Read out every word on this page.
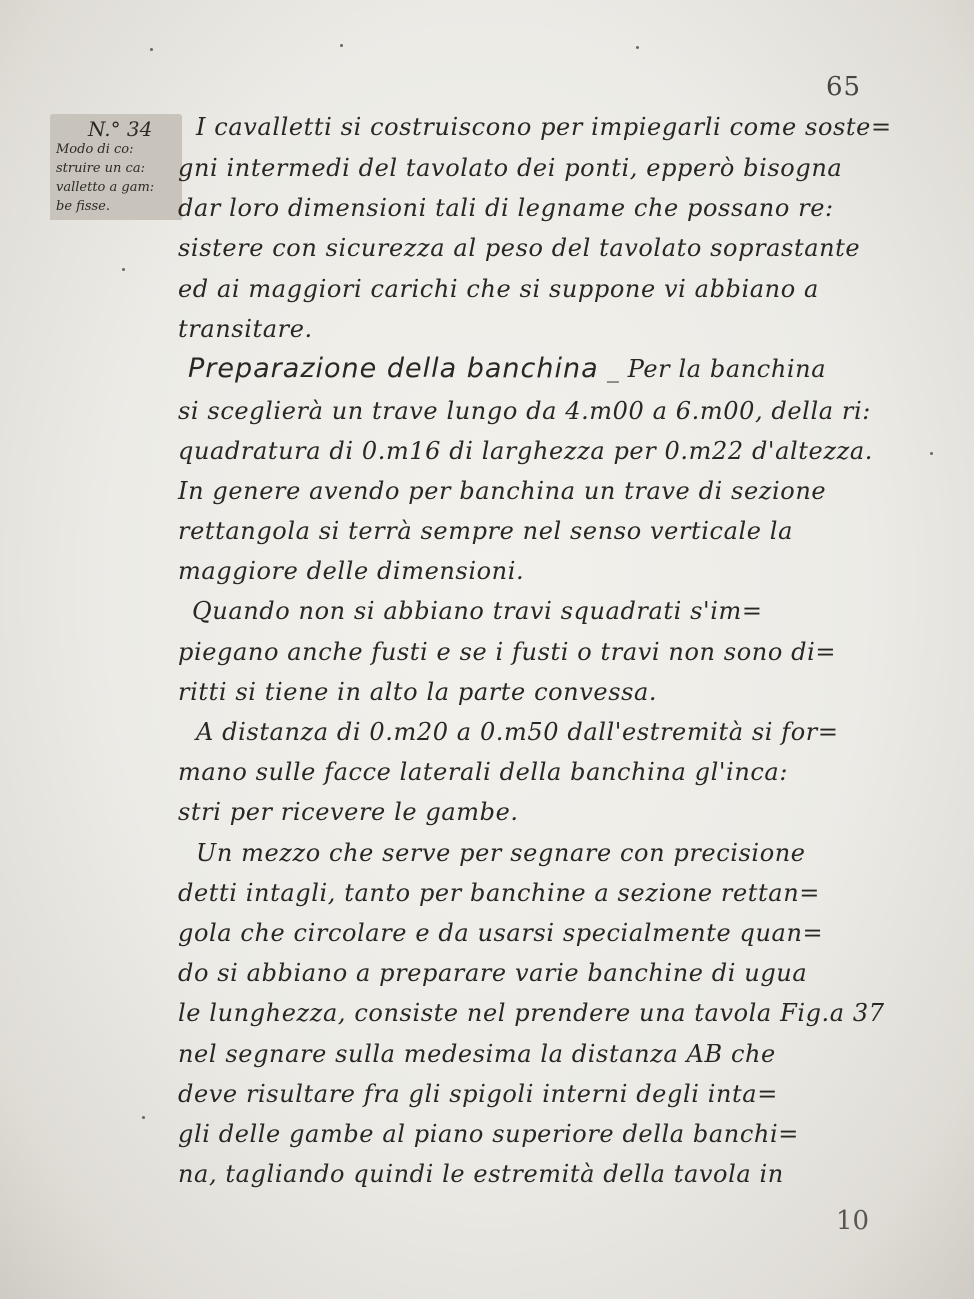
65
N.° 34
Modo di co:
struire un ca:
valletto a gam:
be fisse.
I cavalletti si costruiscono per impiegarli come soste=
gni intermedi del tavolato dei ponti, epperò bisogna
dar loro dimensioni tali di legname che possano re:
sistere con sicurezza al peso del tavolato soprastante
ed ai maggiori carichi che si suppone vi abbiano a
transitare.
Preparazione della banchina _ Per la banchina
si sceglierà un trave lungo da 4.m00 a 6.m00, della ri:
quadratura di 0.m16 di larghezza per 0.m22 d'altezza.
In genere avendo per banchina un trave di sezione
rettangola si terrà sempre nel senso verticale la
maggiore delle dimensioni.
Quando non si abbiano travi squadrati s'im=
piegano anche fusti e se i fusti o travi non sono di=
ritti si tiene in alto la parte convessa.
A distanza di 0.m20 a 0.m50 dall'estremità si for=
mano sulle facce laterali della banchina gl'inca:
stri per ricevere le gambe.
Un mezzo che serve per segnare con precisione
detti intagli, tanto per banchine a sezione rettan=
gola che circolare e da usarsi specialmente quan=
do si abbiano a preparare varie banchine di ugua
le lunghezza, consiste nel prendere una tavola Fig.a 37
nel segnare sulla medesima la distanza AB che
deve risultare fra gli spigoli interni degli inta=
gli delle gambe al piano superiore della banchi=
na, tagliando quindi le estremità della tavola in
10
